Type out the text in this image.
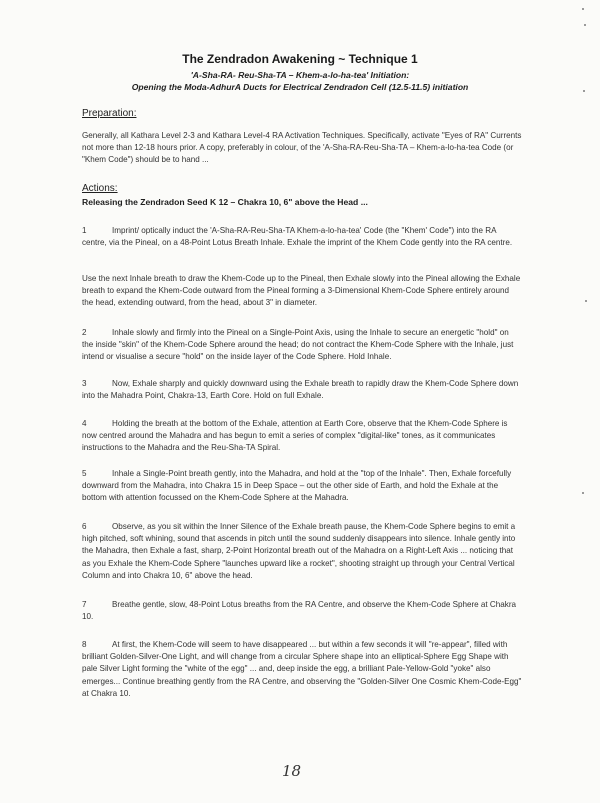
The Zendradon Awakening ~ Technique 1
'A-Sha-RA- Reu-Sha-TA – Khem-a-lo-ha-tea' Initiation:
Opening the Moda-AdhurA Ducts for Electrical Zendradon Cell (12.5-11.5) initiation
Preparation:
Generally, all Kathara Level 2-3 and Kathara Level-4 RA Activation Techniques. Specifically, activate "Eyes of RA" Currents not more than 12-18 hours prior. A copy, preferably in colour, of the 'A-Sha-RA-Reu-Sha-TA – Khem-a-lo-ha-tea Code (or "Khem Code") should be to hand ...
Actions:
Releasing the Zendradon Seed K 12 – Chakra 10, 6" above the Head ...
1	Imprint/ optically induct the 'A-Sha-RA-Reu-Sha-TA Khem-a-lo-ha-tea' Code (the "Khem' Code") into the RA centre, via the Pineal, on a 48-Point Lotus Breath Inhale. Exhale the imprint of the Khem Code gently into the RA centre.
Use the next Inhale breath to draw the Khem-Code up to the Pineal, then Exhale slowly into the Pineal allowing the Exhale breath to expand the Khem-Code outward from the Pineal forming a 3-Dimensional Khem-Code Sphere entirely around the head, extending outward, from the head, about 3" in diameter.
2	Inhale slowly and firmly into the Pineal on a Single-Point Axis, using the Inhale to secure an energetic "hold" on the inside "skin" of the Khem-Code Sphere around the head; do not contract the Khem-Code Sphere with the Inhale, just intend or visualise a secure "hold" on the inside layer of the Code Sphere. Hold Inhale.
3	Now, Exhale sharply and quickly downward using the Exhale breath to rapidly draw the Khem-Code Sphere down into the Mahadra Point, Chakra-13, Earth Core. Hold on full Exhale.
4	Holding the breath at the bottom of the Exhale, attention at Earth Core, observe that the Khem-Code Sphere is now centred around the Mahadra and has begun to emit a series of complex "digital-like" tones, as it communicates instructions to the Mahadra and the Reu-Sha-TA Spiral.
5	Inhale a Single-Point breath gently, into the Mahadra, and hold at the "top of the Inhale". Then, Exhale forcefully downward from the Mahadra, into Chakra 15 in Deep Space – out the other side of Earth, and hold the Exhale at the bottom with attention focussed on the Khem-Code Sphere at the Mahadra.
6	Observe, as you sit within the Inner Silence of the Exhale breath pause, the Khem-Code Sphere begins to emit a high pitched, soft whining, sound that ascends in pitch until the sound suddenly disappears into silence. Inhale gently into the Mahadra, then Exhale a fast, sharp, 2-Point Horizontal breath out of the Mahadra on a Right-Left Axis ... noticing that as you Exhale the Khem-Code Sphere "launches upward like a rocket", shooting straight up through your Central Vertical Column and into Chakra 10, 6" above the head.
7	Breathe gentle, slow, 48-Point Lotus breaths from the RA Centre, and observe the Khem-Code Sphere at Chakra 10.
8	At first, the Khem-Code will seem to have disappeared ... but within a few seconds it will "re-appear", filled with brilliant Golden-Silver-One Light, and will change from a circular Sphere shape into an elliptical-Sphere Egg Shape with pale Silver Light forming the "white of the egg" ... and, deep inside the egg, a brilliant Pale-Yellow-Gold "yoke" also emerges... Continue breathing gently from the RA Centre, and observing the "Golden-Silver One Cosmic Khem-Code-Egg" at Chakra 10.
18
